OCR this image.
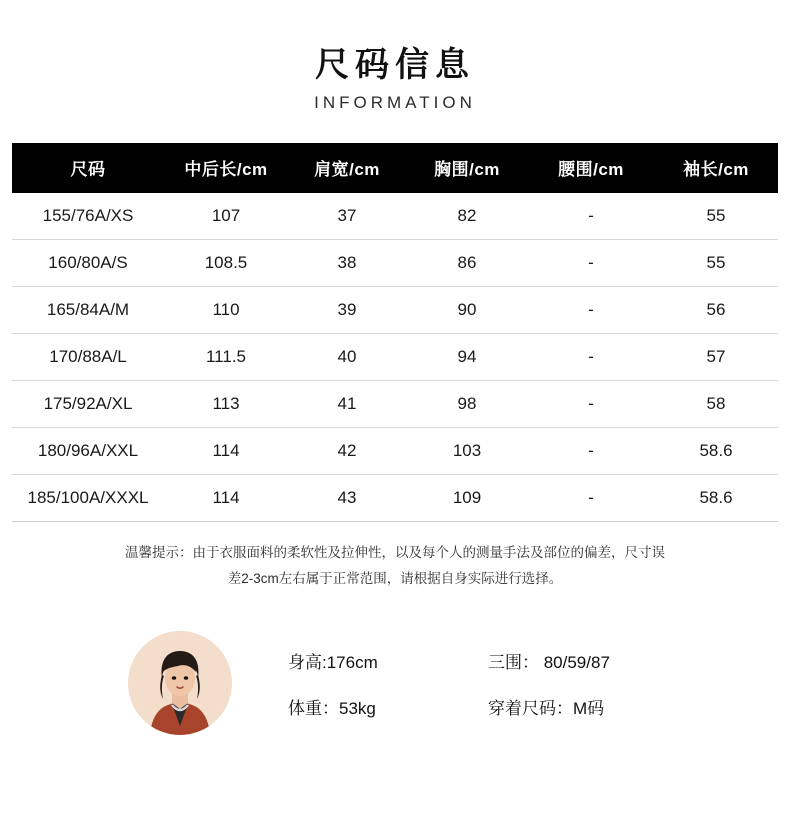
尺码信息
INFORMATION
尺码	中后长/cm	肩宽/cm	胸围/cm	腰围/cm	袖长/cm
155/76A/XS	107	37	82	-	55
160/80A/S	108.5	38	86	-	55
165/84A/M	110	39	90	-	56
170/88A/L	111.5	40	94	-	57
175/92A/XL	113	41	98	-	58
180/96A/XXL	114	42	103	-	58.6
185/100A/XXXL	114	43	109	-	58.6
温馨提示：由于衣服面料的柔软性及拉伸性，以及每个人的测量手法及部位的偏差，尺寸误
差2-3cm左右属于正常范围，请根据自身实际进行选择。
身高:176cm
体重：53kg
三围： 80/59/87
穿着尺码：M码
